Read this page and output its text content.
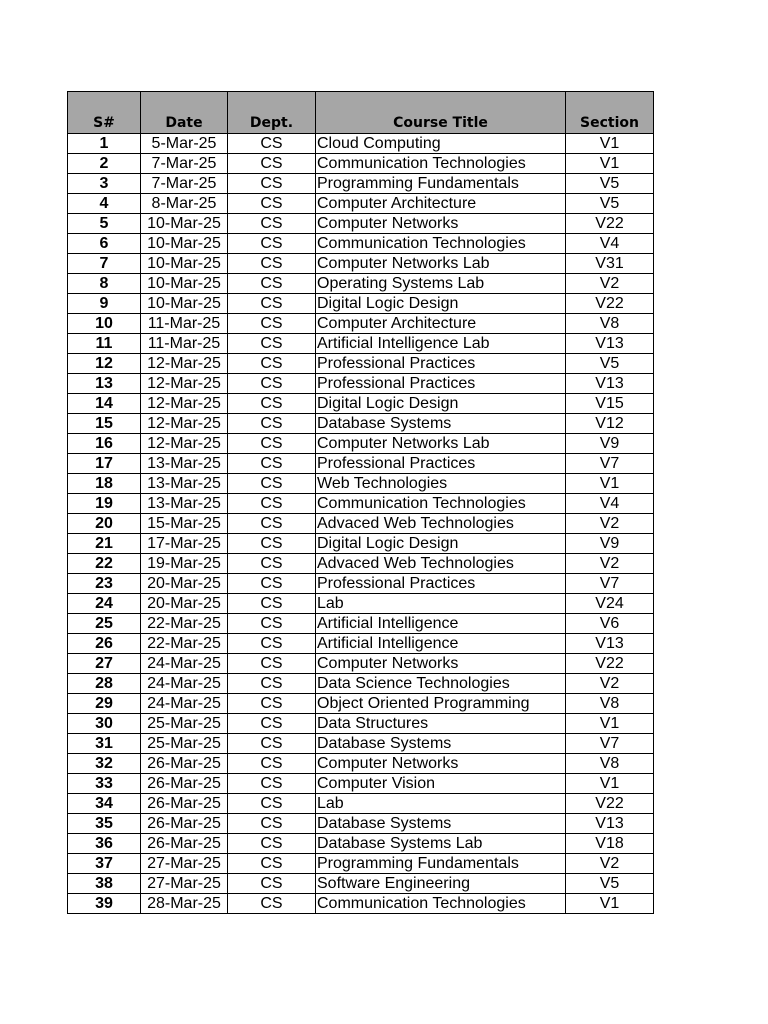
S#	Date	Dept.	Course Title	Section
1	5-Mar-25	CS	Cloud Computing	V1
2	7-Mar-25	CS	Communication Technologies	V1
3	7-Mar-25	CS	Programming Fundamentals	V5
4	8-Mar-25	CS	Computer Architecture	V5
5	10-Mar-25	CS	Computer Networks	V22
6	10-Mar-25	CS	Communication Technologies	V4
7	10-Mar-25	CS	Computer Networks Lab	V31
8	10-Mar-25	CS	Operating Systems Lab	V2
9	10-Mar-25	CS	Digital Logic Design	V22
10	11-Mar-25	CS	Computer Architecture	V8
11	11-Mar-25	CS	Artificial Intelligence Lab	V13
12	12-Mar-25	CS	Professional Practices	V5
13	12-Mar-25	CS	Professional Practices	V13
14	12-Mar-25	CS	Digital Logic Design	V15
15	12-Mar-25	CS	Database Systems	V12
16	12-Mar-25	CS	Computer Networks Lab	V9
17	13-Mar-25	CS	Professional Practices	V7
18	13-Mar-25	CS	Web Technologies	V1
19	13-Mar-25	CS	Communication Technologies	V4
20	15-Mar-25	CS	Advaced Web Technologies	V2
21	17-Mar-25	CS	Digital Logic Design	V9
22	19-Mar-25	CS	Advaced Web Technologies	V2
23	20-Mar-25	CS	Professional Practices	V7
24	20-Mar-25	CS	Lab	V24
25	22-Mar-25	CS	Artificial Intelligence	V6
26	22-Mar-25	CS	Artificial Intelligence	V13
27	24-Mar-25	CS	Computer Networks	V22
28	24-Mar-25	CS	Data Science Technologies	V2
29	24-Mar-25	CS	Object Oriented Programming	V8
30	25-Mar-25	CS	Data Structures	V1
31	25-Mar-25	CS	Database Systems	V7
32	26-Mar-25	CS	Computer Networks	V8
33	26-Mar-25	CS	Computer Vision	V1
34	26-Mar-25	CS	Lab	V22
35	26-Mar-25	CS	Database Systems	V13
36	26-Mar-25	CS	Database Systems Lab	V18
37	27-Mar-25	CS	Programming Fundamentals	V2
38	27-Mar-25	CS	Software Engineering	V5
39	28-Mar-25	CS	Communication Technologies	V1
